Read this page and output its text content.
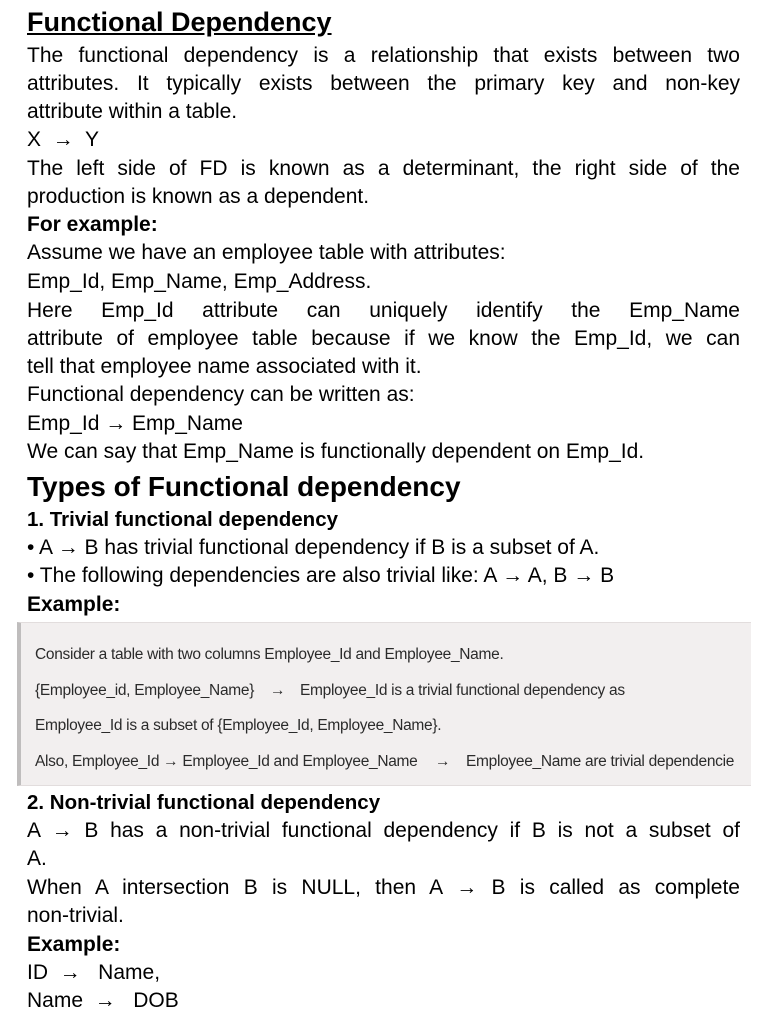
Functional Dependency
The functional dependency is a relationship that exists between two
attributes. It typically exists between the primary key and non-key
attribute within a table.
X  →  Y
The left side of FD is known as a determinant, the right side of the
production is known as a dependent.
For example:
Assume we have an employee table with attributes:
Emp_Id, Emp_Name, Emp_Address.
Here Emp_Id attribute can uniquely identify the Emp_Name
attribute of employee table because if we know the Emp_Id, we can
tell that employee name associated with it.
Functional dependency can be written as:
Emp_Id → Emp_Name
We can say that Emp_Name is functionally dependent on Emp_Id.
Types of Functional dependency
1. Trivial functional dependency
• A → B has trivial functional dependency if B is a subset of A.
• The following dependencies are also trivial like: A → A, B → B
Example:
Consider a table with two columns Employee_Id and Employee_Name.
{Employee_id, Employee_Name} → Employee_Id is a trivial functional dependency as
Employee_Id is a subset of {Employee_Id, Employee_Name}.
Also, Employee_Id → Employee_Id and Employee_Name → Employee_Name are trivial dependencie
2. Non-trivial functional dependency
A → B has a non-trivial functional dependency if B is not a subset of
A.
When A intersection B is NULL, then A → B is called as complete
non-trivial.
Example:
ID  →   Name,
Name  →   DOB
